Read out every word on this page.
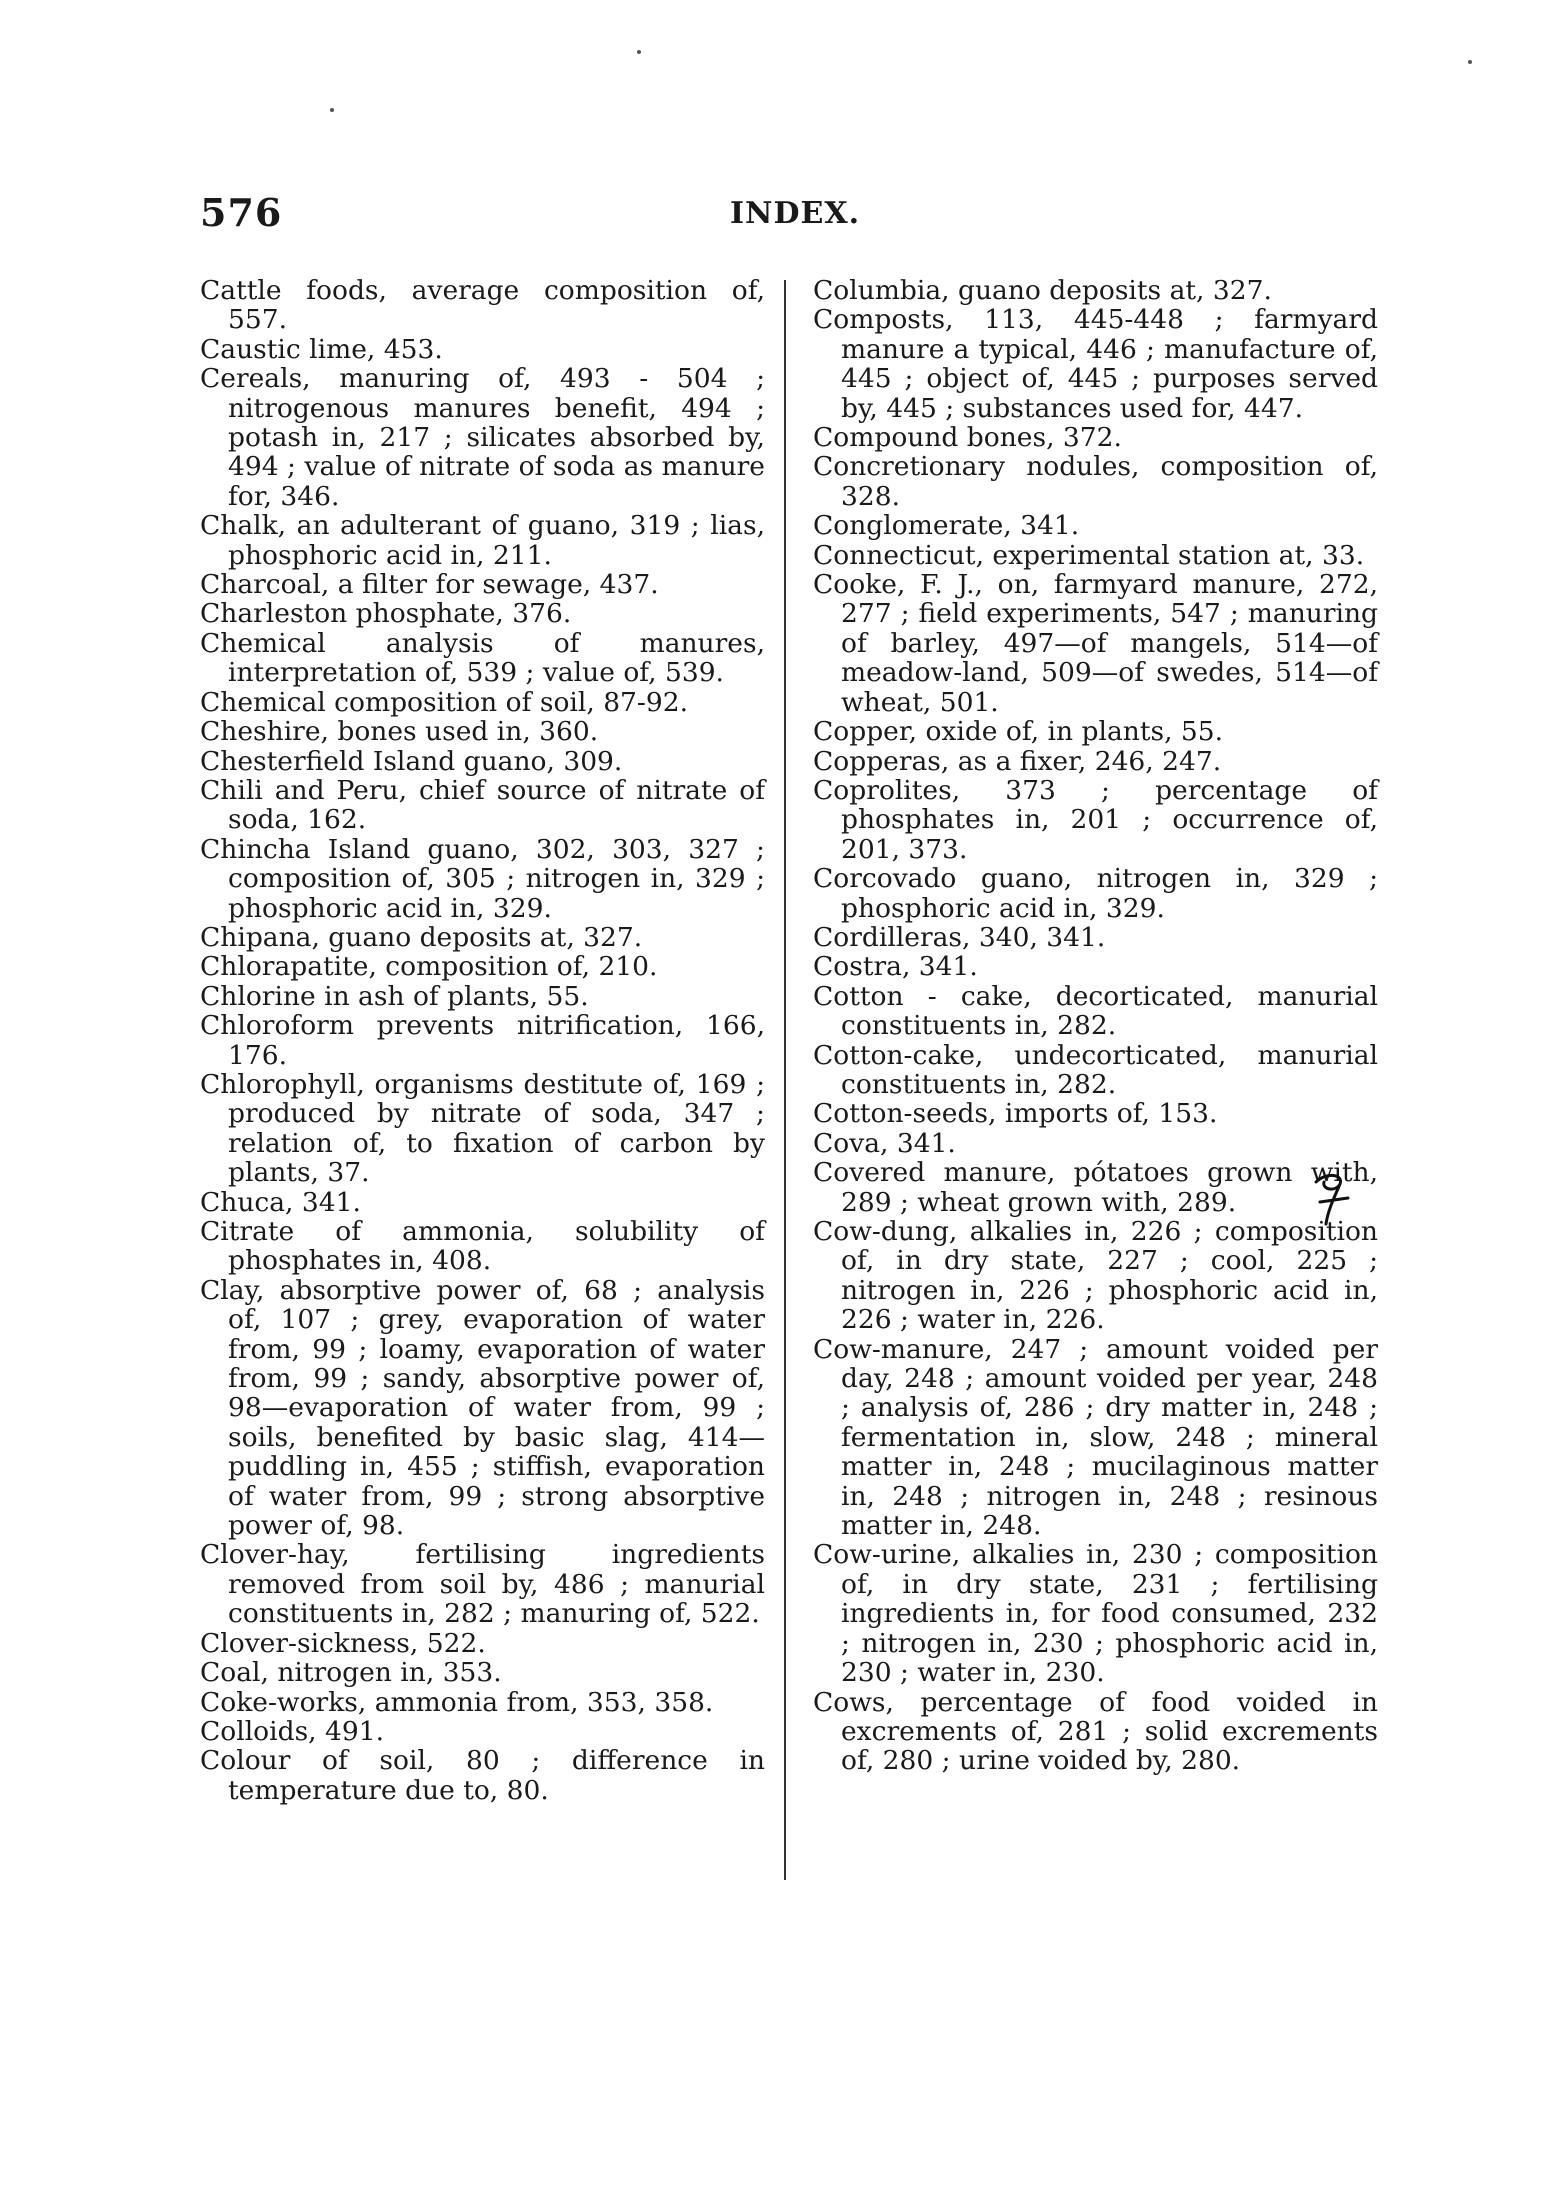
576	INDEX.

Cattle foods, average composition of, 557.

Caustic lime, 453.

Cereals, manuring of, 493 - 504 ; nitrogenous manures benefit, 494 ; potash in, 217 ; silicates absorbed by, 494 ; value of nitrate of soda as manure for, 346.

Chalk, an adulterant of guano, 319 ; lias, phosphoric acid in, 211.

Charcoal, a filter for sewage, 437.

Charleston phosphate, 376.

Chemical analysis of manures, interpretation of, 539 ; value of, 539.

Chemical composition of soil, 87-92.

Cheshire, bones used in, 360.

Chesterfield Island guano, 309.

Chili and Peru, chief source of nitrate of soda, 162.

Chincha Island guano, 302, 303, 327 ; composition of, 305 ; nitrogen in, 329 ; phosphoric acid in, 329.

Chipana, guano deposits at, 327.

Chlorapatite, composition of, 210.

Chlorine in ash of plants, 55.

Chloroform prevents nitrification, 166, 176.

Chlorophyll, organisms destitute of, 169 ; produced by nitrate of soda, 347 ; relation of, to fixation of carbon by plants, 37.

Chuca, 341.

Citrate of ammonia, solubility of phosphates in, 408.

Clay, absorptive power of, 68 ; analysis of, 107 ; grey, evaporation of water from, 99 ; loamy, evaporation of water from, 99 ; sandy, absorptive power of, 98—evaporation of water from, 99 ; soils, benefited by basic slag, 414—puddling in, 455 ; stiffish, evaporation of water from, 99 ; strong absorptive power of, 98.

Clover-hay, fertilising ingredients removed from soil by, 486 ; manurial constituents in, 282 ; manuring of, 522.

Clover-sickness, 522.

Coal, nitrogen in, 353.

Coke-works, ammonia from, 353, 358.

Colloids, 491.

Colour of soil, 80 ; difference in temperature due to, 80.

Columbia, guano deposits at, 327.

Composts, 113, 445-448 ; farmyard manure a typical, 446 ; manufacture of, 445 ; object of, 445 ; purposes served by, 445 ; substances used for, 447.

Compound bones, 372.

Concretionary nodules, composition of, 328.

Conglomerate, 341.

Connecticut, experimental station at, 33.

Cooke, F. J., on, farmyard manure, 272, 277 ; field experiments, 547 ; manuring of barley, 497—of mangels, 514—of meadow-land, 509—of swedes, 514—of wheat, 501.

Copper, oxide of, in plants, 55.

Copperas, as a fixer, 246, 247.

Coprolites, 373 ; percentage of phosphates in, 201 ; occurrence of, 201, 373.

Corcovado guano, nitrogen in, 329 ; phosphoric acid in, 329.

Cordilleras, 340, 341.

Costra, 341.

Cotton - cake, decorticated, manurial constituents in, 282.

Cotton-cake, undecorticated, manurial constituents in, 282.

Cotton-seeds, imports of, 153.

Cova, 341.

Covered manure, pótatoes grown with, 289 ; wheat grown with, 289.

Cow-dung, alkalies in, 226 ; composition of, in dry state, 227 ; cool, 225 ; nitrogen in, 226 ; phosphoric acid in, 226 ; water in, 226.

Cow-manure, 247 ; amount voided per day, 248 ; amount voided per year, 248 ; analysis of, 286 ; dry matter in, 248 ; fermentation in, slow, 248 ; mineral matter in, 248 ; mucilaginous matter in, 248 ; nitrogen in, 248 ; resinous matter in, 248.

Cow-urine, alkalies in, 230 ; composition of, in dry state, 231 ; fertilising ingredients in, for food consumed, 232 ; nitrogen in, 230 ; phosphoric acid in, 230 ; water in, 230.

Cows, percentage of food voided in excrements of, 281 ; solid excrements of, 280 ; urine voided by, 280.
